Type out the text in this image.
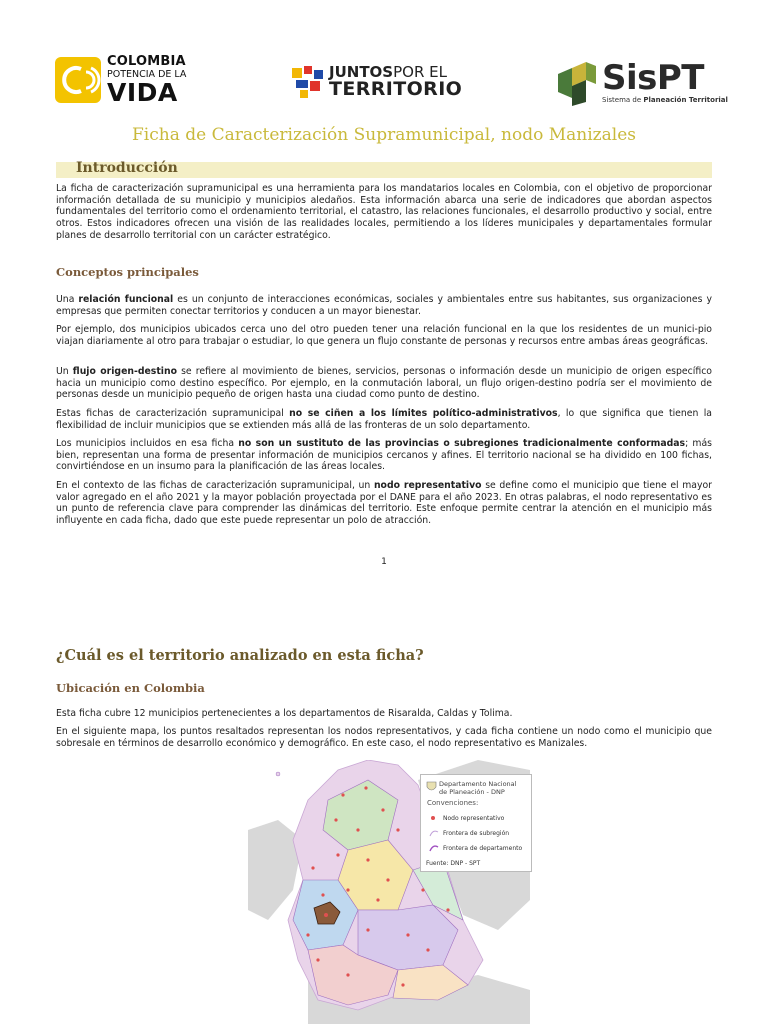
COLOMBIA
POTENCIA DE LA
VIDA
JUNTOSPOR EL
TERRITORIO	SisPT
Sistema de Planeación Territorial
Ficha de Caracterización Supramunicipal, nodo Manizales
Introducción

La ficha de caracterización supramunicipal es una herramienta para los mandatarios locales en Colombia, con el objetivo de proporcionar información detallada de su municipio y municipios aledaños. Esta información abarca una serie de indicadores que abordan aspectos fundamentales del territorio como el ordenamiento territorial, el catastro, las relaciones funcionales, el desarrollo productivo y social, entre otros. Estos indicadores ofrecen una visión de las realidades locales, permitiendo a los líderes municipales y departamentales formular planes de desarrollo territorial con un carácter estratégico.

Conceptos principales

Una relación funcional es un conjunto de interacciones económicas, sociales y ambientales entre sus habitantes, sus organizaciones y empresas que permiten conectar territorios y conducen a un mayor bienestar.

Por ejemplo, dos municipios ubicados cerca uno del otro pueden tener una relación funcional en la que los residentes de un munici-pio viajan diariamente al otro para trabajar o estudiar, lo que genera un flujo constante de personas y recursos entre ambas áreas geográficas.

Un flujo origen-destino se refiere al movimiento de bienes, servicios, personas o información desde un municipio de origen específico hacia un municipio como destino específico. Por ejemplo, en la conmutación laboral, un flujo origen-destino podría ser el movimiento de personas desde un municipio pequeño de origen hasta una ciudad como punto de destino.

Estas fichas de caracterización supramunicipal no se ciñen a los límites político-administrativos, lo que significa que tienen la flexibilidad de incluir municipios que se extienden más allá de las fronteras de un solo departamento.

Los municipios incluidos en esa ficha no son un sustituto de las provincias o subregiones tradicionalmente conformadas; más bien, representan una forma de presentar información de municipios cercanos y afines. El territorio nacional se ha dividido en 100 fichas, convirtiéndose en un insumo para la planificación de las áreas locales.

En el contexto de las fichas de caracterización supramunicipal, un nodo representativo se define como el municipio que tiene el mayor valor agregado en el año 2021 y la mayor población proyectada por el DANE para el año 2023. En otras palabras, el nodo representativo es un punto de referencia clave para comprender las dinámicas del territorio. Este enfoque permite centrar la atención en el municipio más influyente en cada ficha, dado que este puede representar un polo de atracción.

1
¿Cuál es el territorio analizado en esta ficha?
Ubicación en Colombia

Esta ficha cubre 12 municipios pertenecientes a los departamentos de Risaralda, Caldas y Tolima.

En el siguiente mapa, los puntos resaltados representan los nodos representativos, y cada ficha contiene un nodo como el municipio que sobresale en términos de desarrollo económico y demográfico. En este caso, el nodo representativo es Manizales.

Departamento Nacional
de Planeación - DNP
Convenciones:
Nodo representativo
Frontera de subregión
Frontera de departamento
Fuente: DNP - SPT
